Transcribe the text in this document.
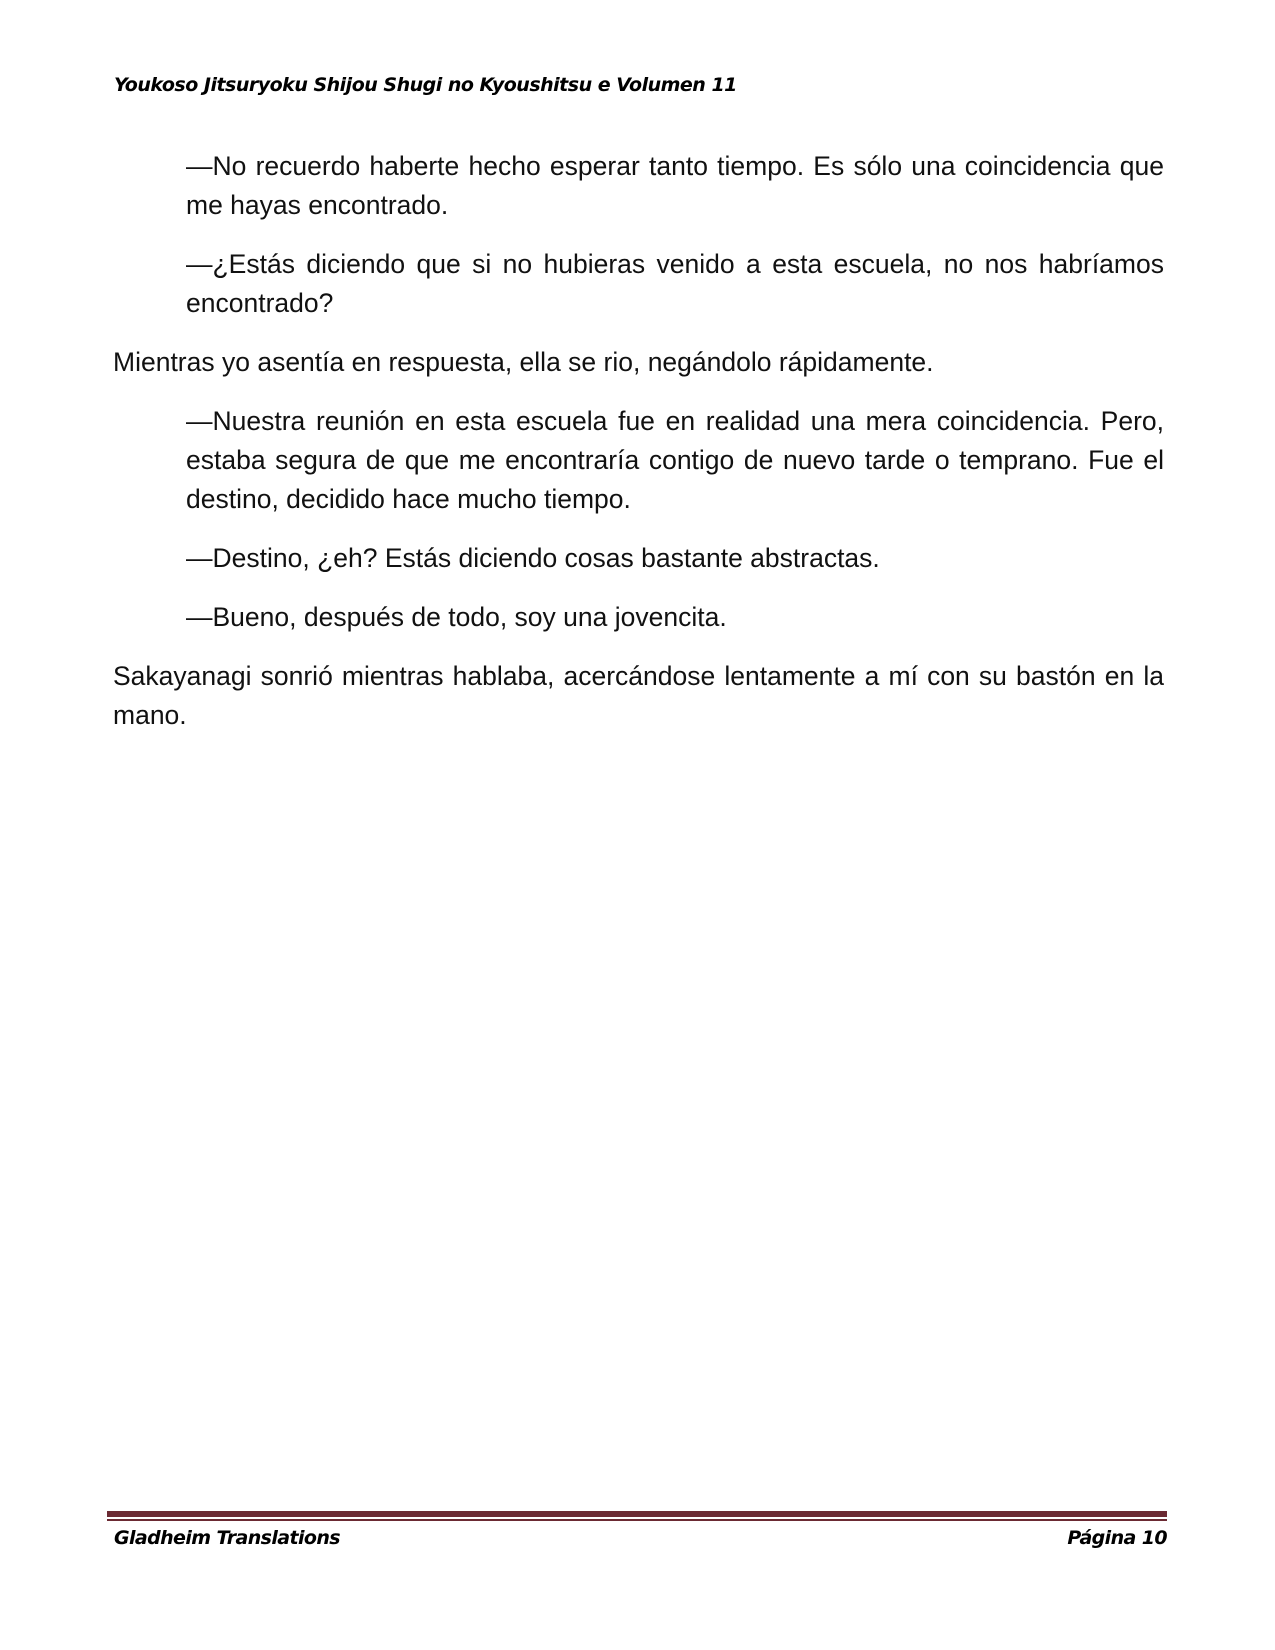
Youkoso Jitsuryoku Shijou Shugi no Kyoushitsu e Volumen 11

—No recuerdo haberte hecho esperar tanto tiempo. Es sólo una coincidencia que me hayas encontrado.

—¿Estás diciendo que si no hubieras venido a esta escuela, no nos habríamos encontrado?

Mientras yo asentía en respuesta, ella se rio, negándolo rápidamente.

—Nuestra reunión en esta escuela fue en realidad una mera coincidencia. Pero, estaba segura de que me encontraría contigo de nuevo tarde o temprano. Fue el destino, decidido hace mucho tiempo.

—Destino, ¿eh? Estás diciendo cosas bastante abstractas.

—Bueno, después de todo, soy una jovencita.

Sakayanagi sonrió mientras hablaba, acercándose lentamente a mí con su bastón en la mano.

Gladheim Translations	Página 10
